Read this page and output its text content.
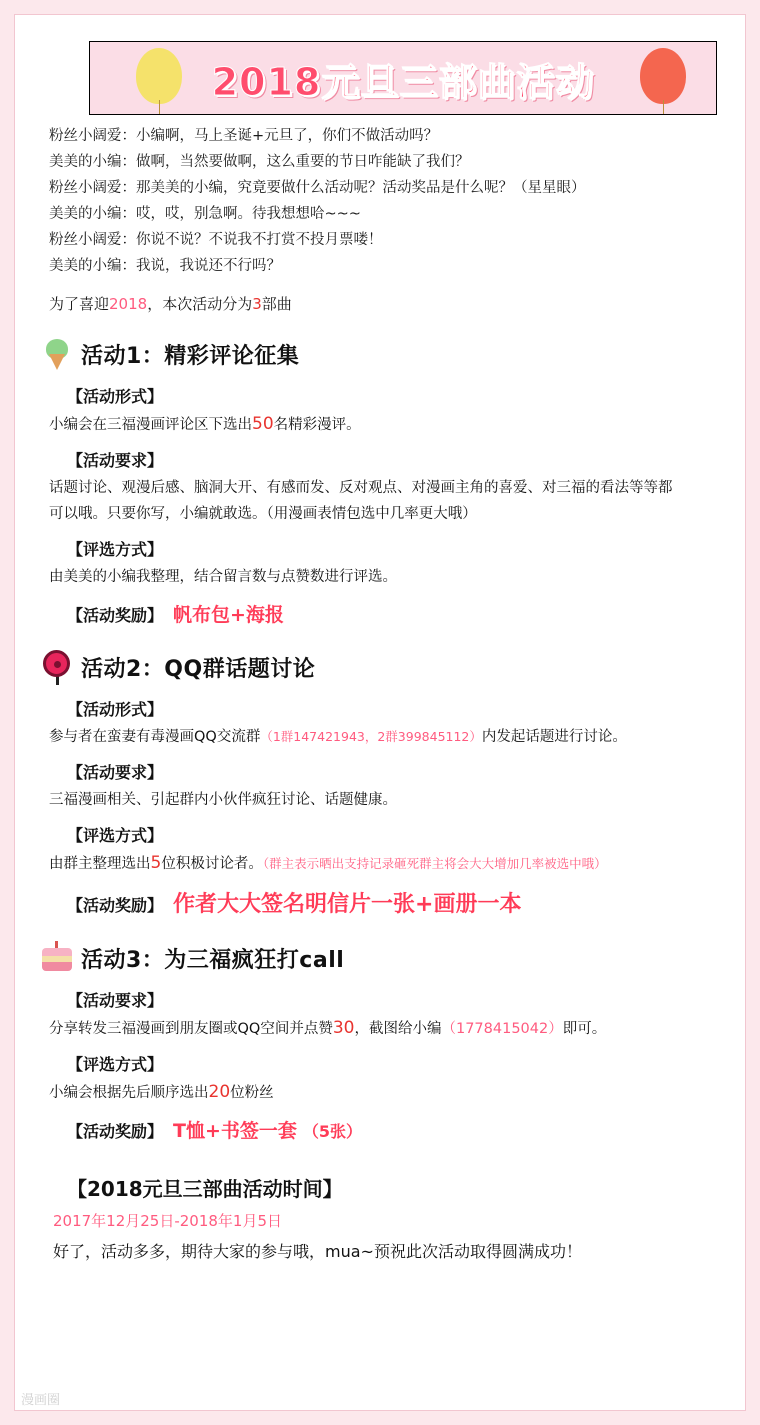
2018元旦三部曲活动
粉丝小阔爱：小编啊，马上圣诞+元旦了，你们不做活动吗？
美美的小编：做啊，当然要做啊，这么重要的节日咋能缺了我们？
粉丝小阔爱：那美美的小编，究竟要做什么活动呢？活动奖品是什么呢？（星星眼）
美美的小编：哎，哎，别急啊。待我想想哈~~~
粉丝小阔爱：你说不说？不说我不打赏不投月票喽！
美美的小编：我说，我说还不行吗？
为了喜迎2018，本次活动分为3部曲
活动1：精彩评论征集
【活动形式】
小编会在三福漫画评论区下选出50名精彩漫评。
【活动要求】
话题讨论、观漫后感、脑洞大开、有感而发、反对观点、对漫画主角的喜爱、对三福的看法等等都
可以哦。只要你写，小编就敢选。（用漫画表情包选中几率更大哦）
【评选方式】
由美美的小编我整理，结合留言数与点赞数进行评选。
【活动奖励】 帆布包+海报
活动2：QQ群话题讨论
【活动形式】
参与者在蛮妻有毒漫画QQ交流群（1群147421943，2群399845112）内发起话题进行讨论。
【活动要求】
三福漫画相关、引起群内小伙伴疯狂讨论、话题健康。
【评选方式】
由群主整理选出5位积极讨论者。（群主表示晒出支持记录砸死群主将会大大增加几率被选中哦）
【活动奖励】 作者大大签名明信片一张+画册一本
活动3：为三福疯狂打call
【活动要求】
分享转发三福漫画到朋友圈或QQ空间并点赞30，截图给小编（1778415042）即可。
【评选方式】
小编会根据先后顺序选出20位粉丝
【活动奖励】 T恤+书签一套 （5张）
【2018元旦三部曲活动时间】
2017年12月25日-2018年1月5日
好了，活动多多，期待大家的参与哦，mua~预祝此次活动取得圆满成功！
漫画圈
